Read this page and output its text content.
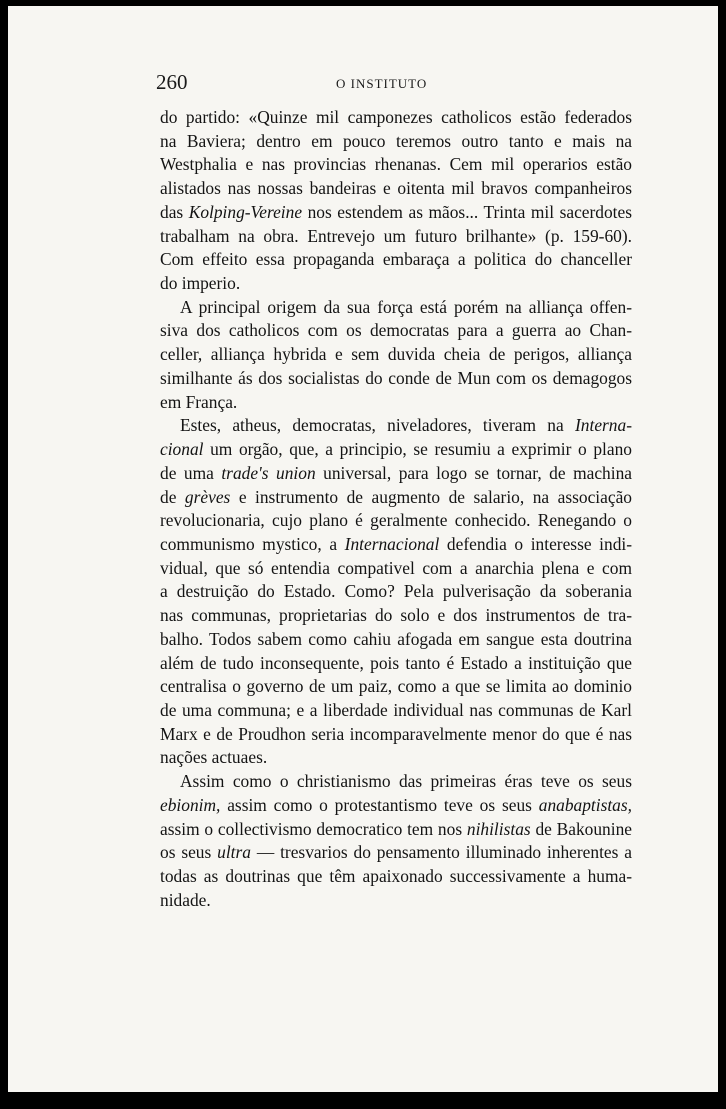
260	O INSTITUTO
do partido: «Quinze mil camponezes catholicos estão federados
na Baviera; dentro em pouco teremos outro tanto e mais na
Westphalia e nas provincias rhenanas. Cem mil operarios estão
alistados nas nossas bandeiras e oitenta mil bravos companheiros
das Kolping-Vereine nos estendem as mãos... Trinta mil sacerdotes
trabalham na obra. Entrevejo um futuro brilhante» (p. 159-60).
Com effeito essa propaganda embaraça a politica do chanceller
do imperio.
A principal origem da sua força está porém na alliança offen-
siva dos catholicos com os democratas para a guerra ao Chan-
celler, alliança hybrida e sem duvida cheia de perigos, alliança
similhante ás dos socialistas do conde de Mun com os demagogos
em França.
Estes, atheus, democratas, niveladores, tiveram na Interna-
cional um orgão, que, a principio, se resumiu a exprimir o plano
de uma trade's union universal, para logo se tornar, de machina
de grèves e instrumento de augmento de salario, na associação
revolucionaria, cujo plano é geralmente conhecido. Renegando o
communismo mystico, a Internacional defendia o interesse indi-
vidual, que só entendia compativel com a anarchia plena e com
a destruição do Estado. Como? Pela pulverisação da soberania
nas communas, proprietarias do solo e dos instrumentos de tra-
balho. Todos sabem como cahiu afogada em sangue esta doutrina
além de tudo inconsequente, pois tanto é Estado a instituição que
centralisa o governo de um paiz, como a que se limita ao dominio
de uma communa; e a liberdade individual nas communas de Karl
Marx e de Proudhon seria incomparavelmente menor do que é nas
nações actuaes.
Assim como o christianismo das primeiras éras teve os seus
ebionim, assim como o protestantismo teve os seus anabaptistas,
assim o collectivismo democratico tem nos nihilistas de Bakounine
os seus ultra — tresvarios do pensamento illuminado inherentes a
todas as doutrinas que têm apaixonado successivamente a huma-
nidade.
